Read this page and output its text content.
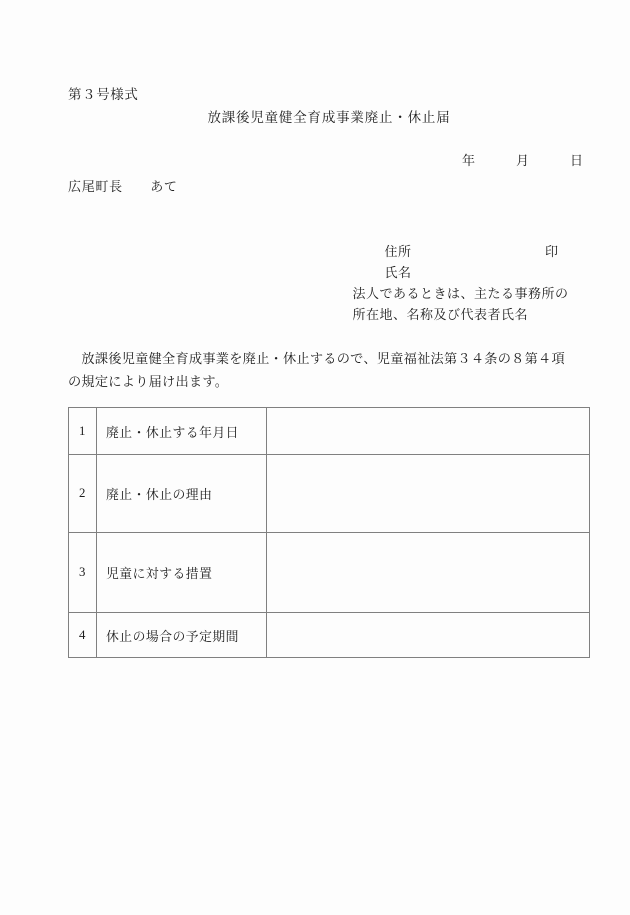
第３号様式
放課後児童健全育成事業廃止・休止届
年　　　月　　　日
広尾町長　　あて

住所

氏名

印

法人であるときは、主たる事務所の

所在地、名称及び代表者氏名

　放課後児童健全育成事業を廃止・休止するので、児童福祉法第３４条の８第４項
の規定により届け出ます。
1	廃止・休止する年月日	
2	廃止・休止の理由	
3	児童に対する措置	
4	休止の場合の予定期間	
